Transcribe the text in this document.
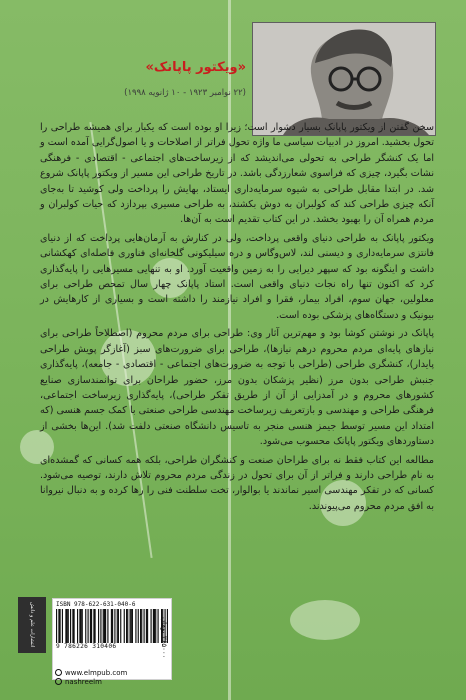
«ویکتور پاپانک»
(۲۲ نوامبر ۱۹۲۳ - ۱۰ ژانویه ۱۹۹۸)

سخن گفتن از ویکتور پاپانک بسیار دشوار است؛ زیرا او بوده است که یکبار برای همیشه طراحی را تحول بخشید. امروز در ادبیات سیاسی ما واژه تحول فراتر از اصلاحات و یا اصول‌گرایی آمده است و اما یک کنشگر طراحی به تحولی می‌اندیشد که از زیرساخت‌های اجتماعی - اقتصادی - فرهنگی نشات بگیرد، چیزی که فراسوی شعارزدگی باشد. در تاریخ طراحی این مسیر از ویکتور پاپانک شروع شد. در ابتدا مقابل طراحی به شیوه سرمایه‌داری ایستاد، بهایش را پرداخت ولی کوشید تا به‌جای آنکه چیزی طراحی کند که کولبران به دوش بکشند، به طراحی مسیری بپردازد که حیات کولبران و مردم همراه آن را بهبود بخشد. در این کتاب تقدیم است به آن‌ها.

ویکتور پاپانک به طراحی دنیای واقعی پرداخت، ولی در کنارش به آرمان‌هایی پرداخت که از دنیای فانتزی سرمایه‌داری و دیسنی لند، لاس‌وگاس و دره سیلیکونی گلخانه‌ای فناوری فاصله‌ای کهکشانی داشت و اینگونه بود که سپهر دیرایی را به زمین واقعیت آورد. او به تنهایی مسیرهایی را پایه‌گذاری کرد که اکنون تنها راه نجات دنیای واقعی است. استاد پاپانک چهار سال تمحص طراحی برای معلولین، جهان سوم، افراد بیمار، فقرا و افراد نیازمند را داشته است و بسیاری از کارهایش در بیونیک و دستگاه‌های پزشکی بوده است.

پاپانک در نوشتن کوشا بود و مهم‌ترین آثار وی: طراحی برای مردم محروم (اصطلاحاً طراحی برای نیازهای پایه‌ای مردم محروم درهم نیازها)، طراحی برای ضرورت‌های سبز (آغازگر پویش طراحی پایدار)، کنشگری طراحی (طراحی با توجه به ضرورت‌های اجتماعی - اقتصادی - جامعه)، پایه‌گذاری جنبش طراحی بدون مرز (نظیر پزشکان بدون مرز، حضور طراحان برای توانمندسازی صنایع کشورهای محروم و در آمدزایی از آن از طریق تفکر طراحی)، پایه‌گذاری زیرساخت اجتماعی، فرهنگی طراحی و مهندسی و بازتعریف زیرساخت مهندسی طراحی صنعتی با کمک جسم هنسی (که امتداد این مسیر توسط جیمز هنسی منجر به تاسیس دانشگاه صنعتی دلفت شد). این‌ها بخشی از دستاوردهای ویکتور پاپانک محسوب می‌شود.

مطالعه این کتاب فقط نه برای طراحان صنعت و کنشگران طراحی، بلکه همه کسانی که گمشده‌ای به نام طراحی دارند و فراتر از آن برای تحول در زندگی مردم محروم تلاش دارند، توصیه می‌شود. کسانی که در تفکر مهندسی اسیر نماندند یا بوالوار، تخت سلطنت فنی را رها کرده و به دنبال نیروانا به افق مردم محروم می‌پیوندند.

انتشارات علم و دانش	ISBN 978-622-631-040-6
9 786226 310406
۳۶۵۰۰۰ تومان
www.elmpub.com
nashreelm
